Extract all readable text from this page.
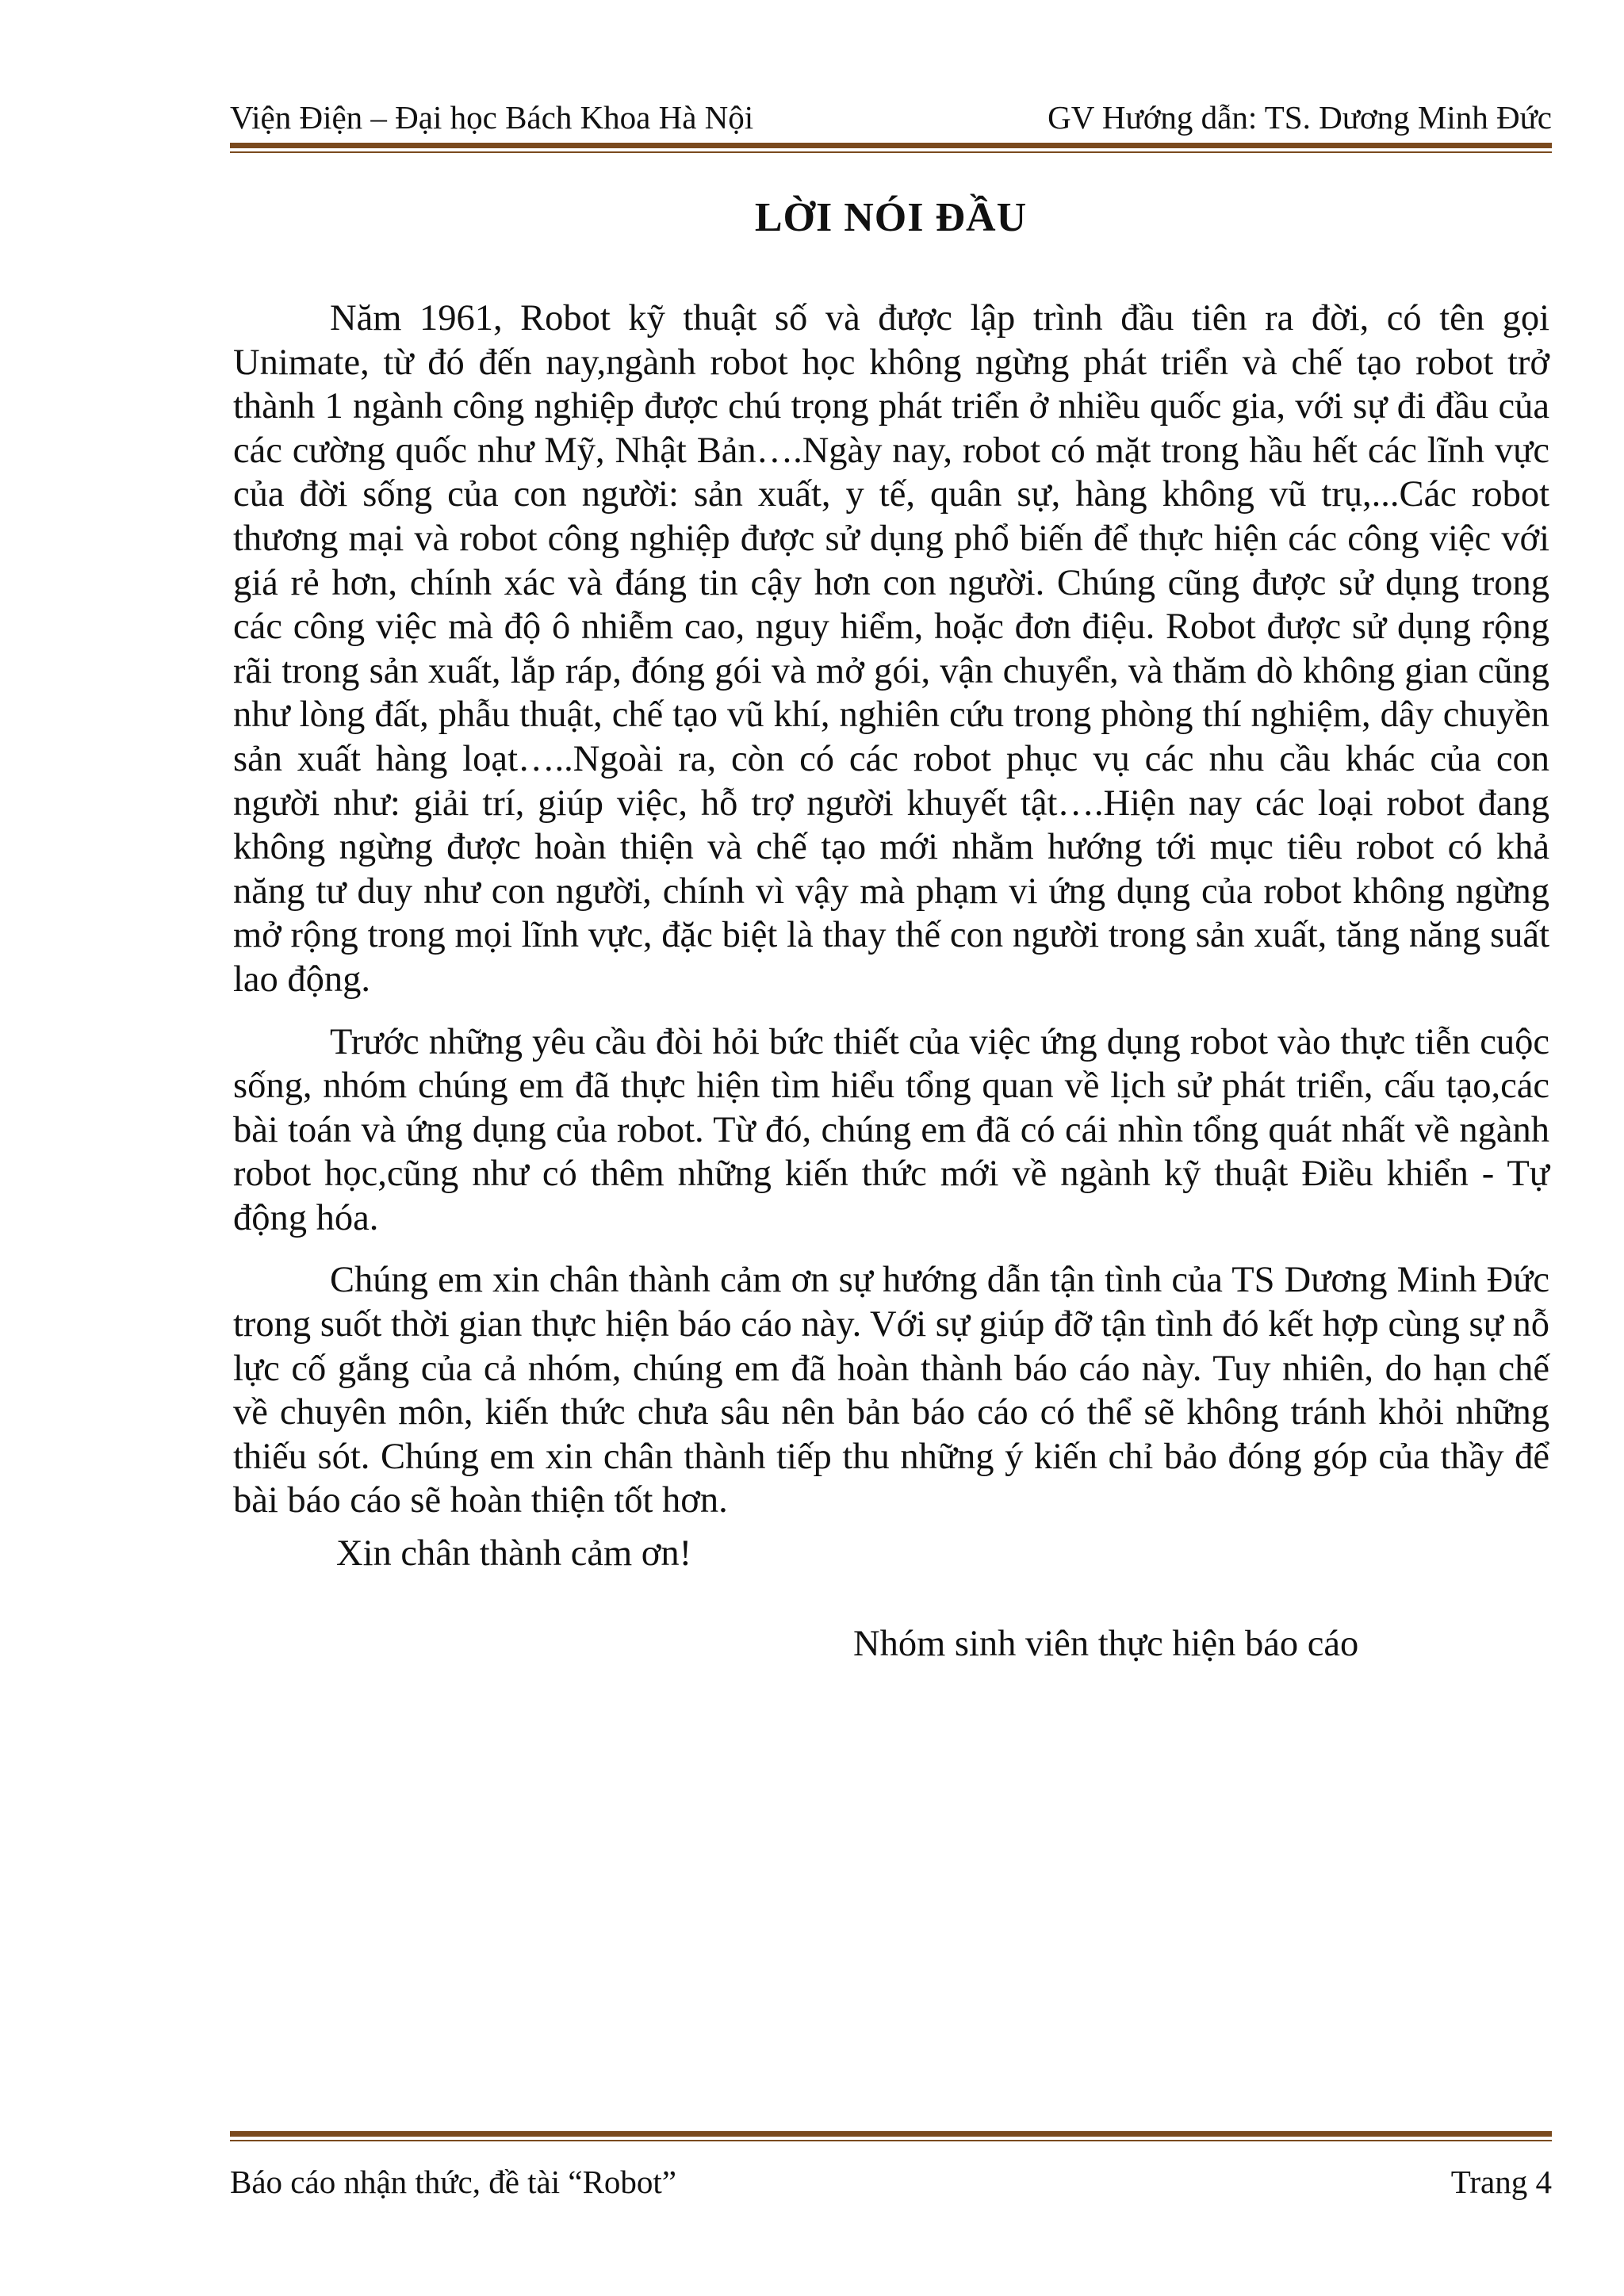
Viện Điện – Đại học Bách Khoa Hà Nội	GV Hướng dẫn: TS. Dương Minh Đức
LỜI NÓI ĐẦU

Năm 1961, Robot kỹ thuật số và được lập trình đầu tiên ra đời, có tên gọi Unimate, từ đó đến nay,ngành robot học không ngừng phát triển và chế tạo robot trở thành 1 ngành công nghiệp được chú trọng phát triển ở nhiều quốc gia, với sự đi đầu của các cường quốc như Mỹ, Nhật Bản….Ngày nay, robot có mặt trong hầu hết các lĩnh vực của đời sống của con người: sản xuất, y tế, quân sự, hàng không vũ trụ,...Các robot thương mại và robot công nghiệp được sử dụng phổ biến để thực hiện các công việc với giá rẻ hơn, chính xác và đáng tin cậy hơn con người. Chúng cũng được sử dụng trong các công việc mà độ ô nhiễm cao, nguy hiểm, hoặc đơn điệu. Robot được sử dụng rộng rãi trong sản xuất, lắp ráp, đóng gói và mở gói, vận chuyển, và thăm dò không gian cũng như lòng đất, phẫu thuật, chế tạo vũ khí, nghiên cứu trong phòng thí nghiệm, dây chuyền sản xuất hàng loạt…..Ngoài ra, còn có các robot phục vụ các nhu cầu khác của con người như: giải trí, giúp việc, hỗ trợ người khuyết tật….Hiện nay các loại robot đang không ngừng được hoàn thiện và chế tạo mới nhằm hướng tới mục tiêu robot có khả năng tư duy như con người, chính vì vậy mà phạm vi ứng dụng của robot không ngừng mở rộng trong mọi lĩnh vực, đặc biệt là thay thế con người trong sản xuất, tăng năng suất lao động.

Trước những yêu cầu đòi hỏi bức thiết của việc ứng dụng robot vào thực tiễn cuộc sống, nhóm chúng em đã thực hiện tìm hiểu tổng quan về lịch sử phát triển, cấu tạo,các bài toán và ứng dụng của robot. Từ đó, chúng em đã có cái nhìn tổng quát nhất về ngành robot học,cũng như có thêm những kiến thức mới về ngành kỹ thuật Điều khiển - Tự động hóa.

Chúng em xin chân thành cảm ơn sự hướng dẫn tận tình của TS Dương Minh Đức trong suốt thời gian thực hiện báo cáo này. Với sự giúp đỡ tận tình đó kết hợp cùng sự nỗ lực cố gắng của cả nhóm, chúng em đã hoàn thành báo cáo này. Tuy nhiên, do hạn chế về chuyên môn, kiến thức chưa sâu nên bản báo cáo có thể sẽ không tránh khỏi những thiếu sót. Chúng em xin chân thành tiếp thu những ý kiến chỉ bảo đóng góp của thầy để bài báo cáo sẽ hoàn thiện tốt hơn.

Xin chân thành cảm ơn!
Nhóm sinh viên thực hiện báo cáo
Báo cáo nhận thức, đề tài “Robot”	Trang 4
